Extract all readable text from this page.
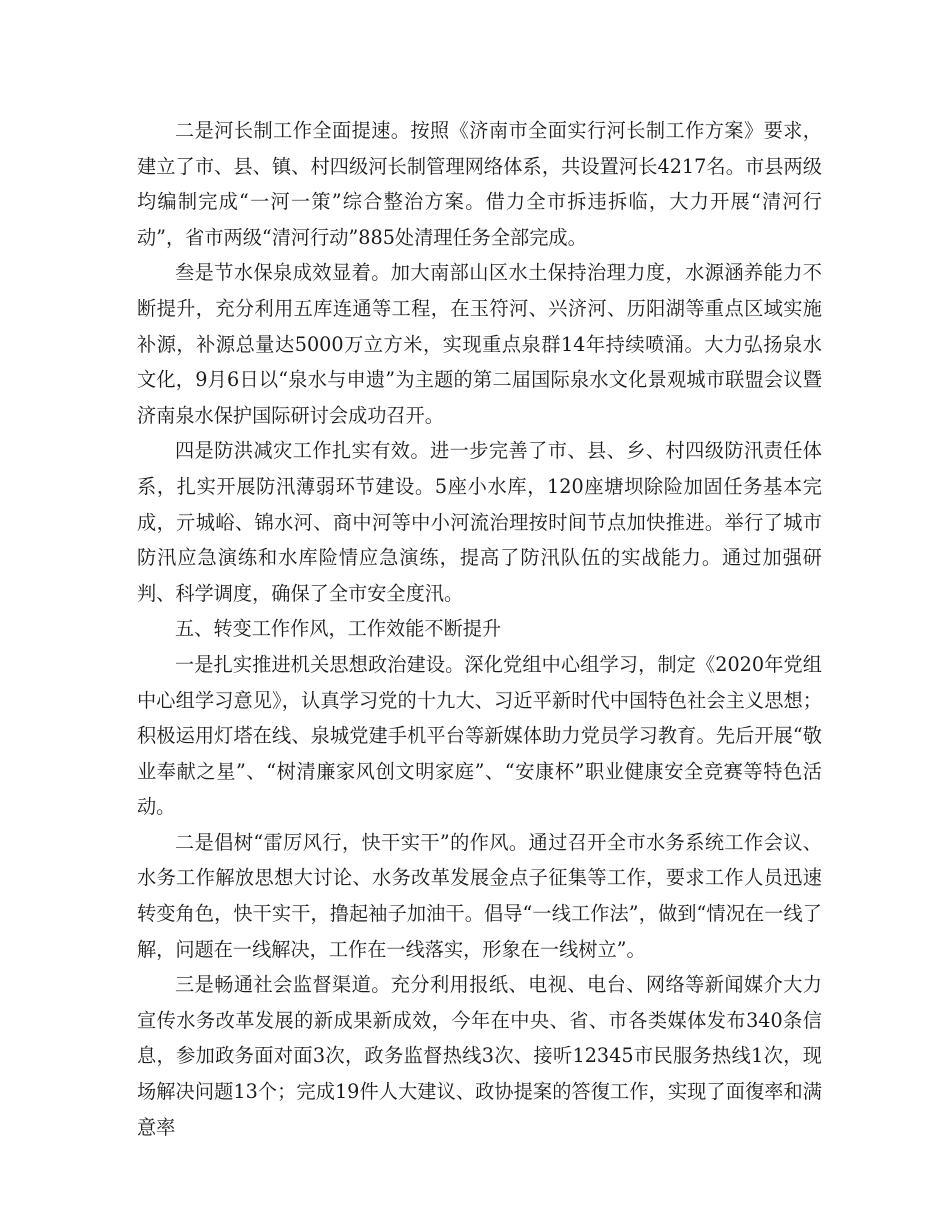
二是河长制工作全面提速。按照《济南市全面实行河长制工作方案》要求，建立了市、县、镇、村四级河长制管理网络体系，共设置河长4217名。市县两级均编制完成“一河一策”综合整治方案。借力全市拆违拆临，大力开展“清河行动”，省市两级“清河行动”885处清理任务全部完成。

叁是节水保泉成效显着。加大南部山区水土保持治理力度，水源涵养能力不断提升，充分利用五库连通等工程，在玉符河、兴济河、历阳湖等重点区域实施补源，补源总量达5000万立方米，实现重点泉群14年持续喷涌。大力弘扬泉水文化，9月6日以“泉水与申遗”为主题的第二届国际泉水文化景观城市联盟会议暨济南泉水保护国际研讨会成功召开。

四是防洪减灾工作扎实有效。进一步完善了市、县、乡、村四级防汛责任体系，扎实开展防汛薄弱环节建设。5座小水库，120座塘坝除险加固任务基本完成，亓城峪、锦水河、商中河等中小河流治理按时间节点加快推进。举行了城市防汛应急演练和水库险情应急演练，提高了防汛队伍的实战能力。通过加强研判、科学调度，确保了全市安全度汛。

五、转变工作作风，工作效能不断提升

一是扎实推进机关思想政治建设。深化党组中心组学习，制定《2020年党组中心组学习意见》，认真学习党的十九大、习近平新时代中国特色社会主义思想；积极运用灯塔在线、泉城党建手机平台等新媒体助力党员学习教育。先后开展“敬业奉献之星”、“树清廉家风创文明家庭”、“安康杯”职业健康安全竞赛等特色活动。

二是倡树“雷厉风行，快干实干”的作风。通过召开全市水务系统工作会议、水务工作解放思想大讨论、水务改革发展金点子征集等工作，要求工作人员迅速转变角色，快干实干，撸起袖子加油干。倡导“一线工作法”，做到“情况在一线了解，问题在一线解决，工作在一线落实，形象在一线树立”。

三是畅通社会监督渠道。充分利用报纸、电视、电台、网络等新闻媒介大力宣传水务改革发展的新成果新成效，今年在中央、省、市各类媒体发布340条信息，参加政务面对面3次，政务监督热线3次、接听12345市民服务热线1次，现场解决问题13个；完成19件人大建议、政协提案的答復工作，实现了面復率和满意率
